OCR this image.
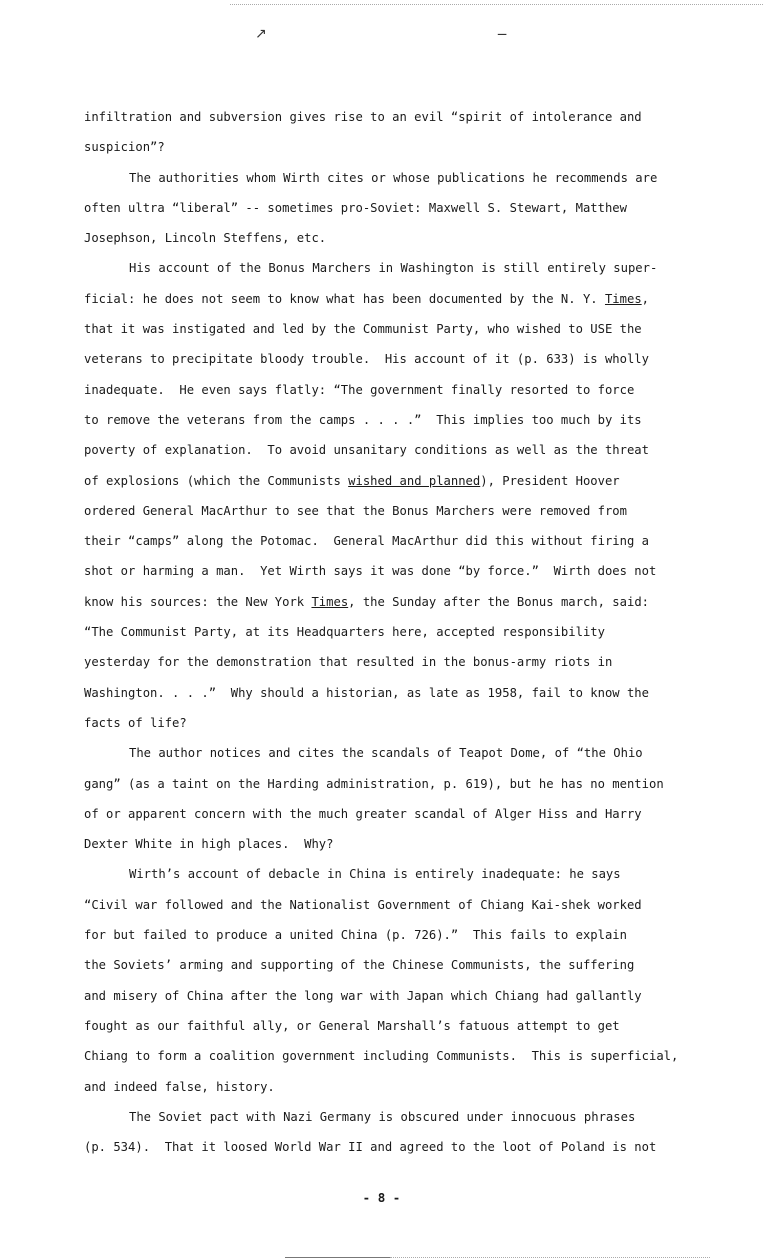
↗	‒
infiltration and subversion gives rise to an evil “spirit of intolerance and
suspicion”?
The authorities whom Wirth cites or whose publications he recommends are
often ultra “liberal” -- sometimes pro-Soviet: Maxwell S. Stewart, Matthew
Josephson, Lincoln Steffens, etc.
His account of the Bonus Marchers in Washington is still entirely super-
ficial: he does not seem to know what has been documented by the N. Y. Times,
that it was instigated and led by the Communist Party, who wished to USE the
veterans to precipitate bloody trouble.  His account of it (p. 633) is wholly
inadequate.  He even says flatly: “The government finally resorted to force
to remove the veterans from the camps . . . .”  This implies too much by its
poverty of explanation.  To avoid unsanitary conditions as well as the threat
of explosions (which the Communists wished and planned), President Hoover
ordered General MacArthur to see that the Bonus Marchers were removed from
their “camps” along the Potomac.  General MacArthur did this without firing a
shot or harming a man.  Yet Wirth says it was done “by force.”  Wirth does not
know his sources: the New York Times, the Sunday after the Bonus march, said:
“The Communist Party, at its Headquarters here, accepted responsibility
yesterday for the demonstration that resulted in the bonus-army riots in
Washington. . . .”  Why should a historian, as late as 1958, fail to know the
facts of life?
The author notices and cites the scandals of Teapot Dome, of “the Ohio
gang” (as a taint on the Harding administration, p. 619), but he has no mention
of or apparent concern with the much greater scandal of Alger Hiss and Harry
Dexter White in high places.  Why?
Wirth’s account of debacle in China is entirely inadequate: he says
“Civil war followed and the Nationalist Government of Chiang Kai-shek worked
for but failed to produce a united China (p. 726).”  This fails to explain
the Soviets’ arming and supporting of the Chinese Communists, the suffering
and misery of China after the long war with Japan which Chiang had gallantly
fought as our faithful ally, or General Marshall’s fatuous attempt to get
Chiang to form a coalition government including Communists.  This is superficial,
and indeed false, history.
The Soviet pact with Nazi Germany is obscured under innocuous phrases
(p. 534).  That it loosed World War II and agreed to the loot of Poland is not
- 8 -
